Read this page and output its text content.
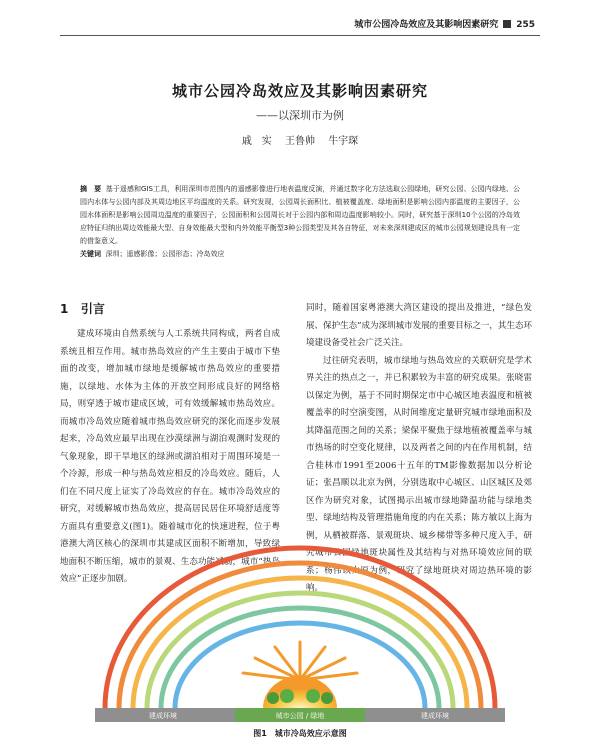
城市公园冷岛效应及其影响因素研究 255
城市公园冷岛效应及其影响因素研究
——以深圳市为例
戚　实 王鲁帅 牛宇琛

摘　要 基于遥感和GIS工具，利用深圳市范围内的遥感影像进行地表温度反演，并通过数字化方法选取公园绿地，研究公园、公园内绿地、公园内水体与公园内部及其周边地区平均温度的关系。研究发现，公园周长面积比、植被覆盖度、绿地面积是影响公园内部温度的主要因子，公园水体面积是影响公园周边温度的重要因子，公园面积和公园周长对于公园内部和周边温度影响较小。同时，研究基于深圳10个公园的冷岛效应特征归纳出周边效能最大型、自身效能最大型和内外效能平衡型3种公园类型及其各自特征，对未来深圳建成区的城市公园规划建设具有一定的借鉴意义。

关键词 深圳；遥感影像；公园形态；冷岛效应

1 引言

建成环境由自然系统与人工系统共同构成，两者自成系统且相互作用。城市热岛效应的产生主要由于城市下垫面的改变，增加城市绿地是缓解城市热岛效应的重要措施，以绿地、水体为主体的开放空间形成良好的网络格局，则穿透于城市建成区域，可有效缓解城市热岛效应。而城市冷岛效应随着城市热岛效应研究的深化而逐步发展起来，冷岛效应最早出现在沙漠绿洲与湖泊观测时发现的气象现象，即干旱地区的绿洲或湖泊相对于周围环境是一个冷源，形成一种与热岛效应相反的冷岛效应。随后，人们在不同尺度上证实了冷岛效应的存在。城市冷岛效应的研究，对缓解城市热岛效应，提高居民居住环境舒适度等方面具有重要意义(图1)。随着城市化的快速进程，位于粤港澳大湾区核心的深圳市其建成区面积不断增加，导致绿地面积不断压缩，城市的景观、生态功能减弱，城市“热岛效应”正逐步加剧。

同时，随着国家粤港澳大湾区建设的提出及推进，“绿色发展、保护生态”成为深圳城市发展的重要目标之一，其生态环境建设备受社会广泛关注。

过往研究表明，城市绿地与热岛效应的关联研究是学术界关注的热点之一，并已积累较为丰富的研究成果。张晓雷以保定为例，基于不同时期保定市中心城区地表温度和植被覆盖率的时空演变图，从时间维度定量研究城市绿地面积及其降温范围之间的关系；梁保平聚焦于绿地植被覆盖率与城市热场的时空变化规律，以及两者之间的内在作用机制，结合桂林市1991至2006十五年的TM影像数据加以分析论证；张昌顺以北京为例，分别选取中心城区、山区城区及郊区作为研究对象，试图揭示出城市绿地降温功能与绿地类型、绿地结构及管理措施角度的内在关系；陈方敏以上海为例，从栖被群落、景观斑块、城乡梯带等多种尺度入手，研究城市公园绿地斑块属性及其结构与对热环境效应间的联系；杨伟以太原为例，研究了绿地斑块对周边热环境的影响。

建成环境	城市公园 / 绿地	建成环境
图1 城市冷岛效应示意图
